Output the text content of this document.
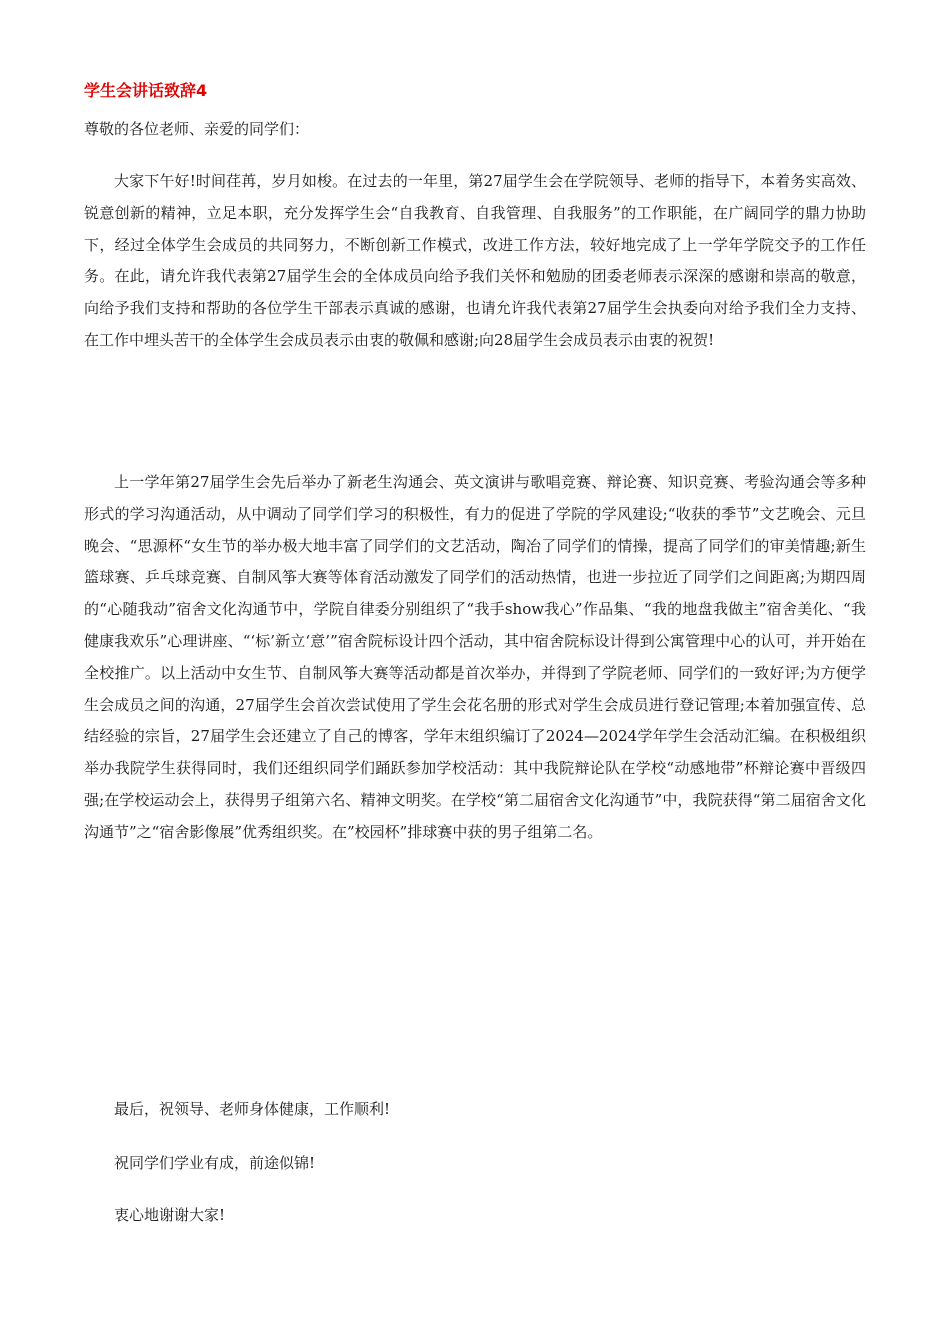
学生会讲话致辞4

尊敬的各位老师、亲爱的同学们：

大家下午好!时间荏苒，岁月如梭。在过去的一年里，第27届学生会在学院领导、老师的指导下，本着务实高效、锐意创新的精神，立足本职，充分发挥学生会“自我教育、自我管理、自我服务”的工作职能，在广阔同学的鼎力协助下，经过全体学生会成员的共同努力，不断创新工作模式，改进工作方法，较好地完成了上一学年学院交予的工作任务。在此，请允许我代表第27届学生会的全体成员向给予我们关怀和勉励的团委老师表示深深的感谢和崇高的敬意，向给予我们支持和帮助的各位学生干部表示真诚的感谢，也请允许我代表第27届学生会执委向对给予我们全力支持、在工作中埋头苦干的全体学生会成员表示由衷的敬佩和感谢;向28届学生会成员表示由衷的祝贺!

上一学年第27届学生会先后举办了新老生沟通会、英文演讲与歌唱竞赛、辩论赛、知识竞赛、考验沟通会等多种形式的学习沟通活动，从中调动了同学们学习的积极性，有力的促进了学院的学风建设;“收获的季节”文艺晚会、元旦晚会、“思源杯“女生节的举办极大地丰富了同学们的文艺活动，陶冶了同学们的情操，提高了同学们的审美情趣;新生篮球赛、乒乓球竞赛、自制风筝大赛等体育活动激发了同学们的活动热情，也进一步拉近了同学们之间距离;为期四周的“心随我动”宿舍文化沟通节中，学院自律委分别组织了“我手show我心”作品集、“我的地盘我做主”宿舍美化、“我健康我欢乐”心理讲座、“‘标’新立‘意’”宿舍院标设计四个活动，其中宿舍院标设计得到公寓管理中心的认可，并开始在全校推广。以上活动中女生节、自制风筝大赛等活动都是首次举办，并得到了学院老师、同学们的一致好评;为方便学生会成员之间的沟通，27届学生会首次尝试使用了学生会花名册的形式对学生会成员进行登记管理;本着加强宣传、总结经验的宗旨，27届学生会还建立了自己的博客，学年末组织编订了2024—2024学年学生会活动汇编。在积极组织举办我院学生获得同时，我们还组织同学们踊跃参加学校活动：其中我院辩论队在学校“动感地带”杯辩论赛中晋级四强;在学校运动会上，获得男子组第六名、精神文明奖。在学校“第二届宿舍文化沟通节”中，我院获得“第二届宿舍文化沟通节”之“宿舍影像展”优秀组织奖。在”校园杯”排球赛中获的男子组第二名。

最后，祝领导、老师身体健康，工作顺利!

祝同学们学业有成，前途似锦!

衷心地谢谢大家!
